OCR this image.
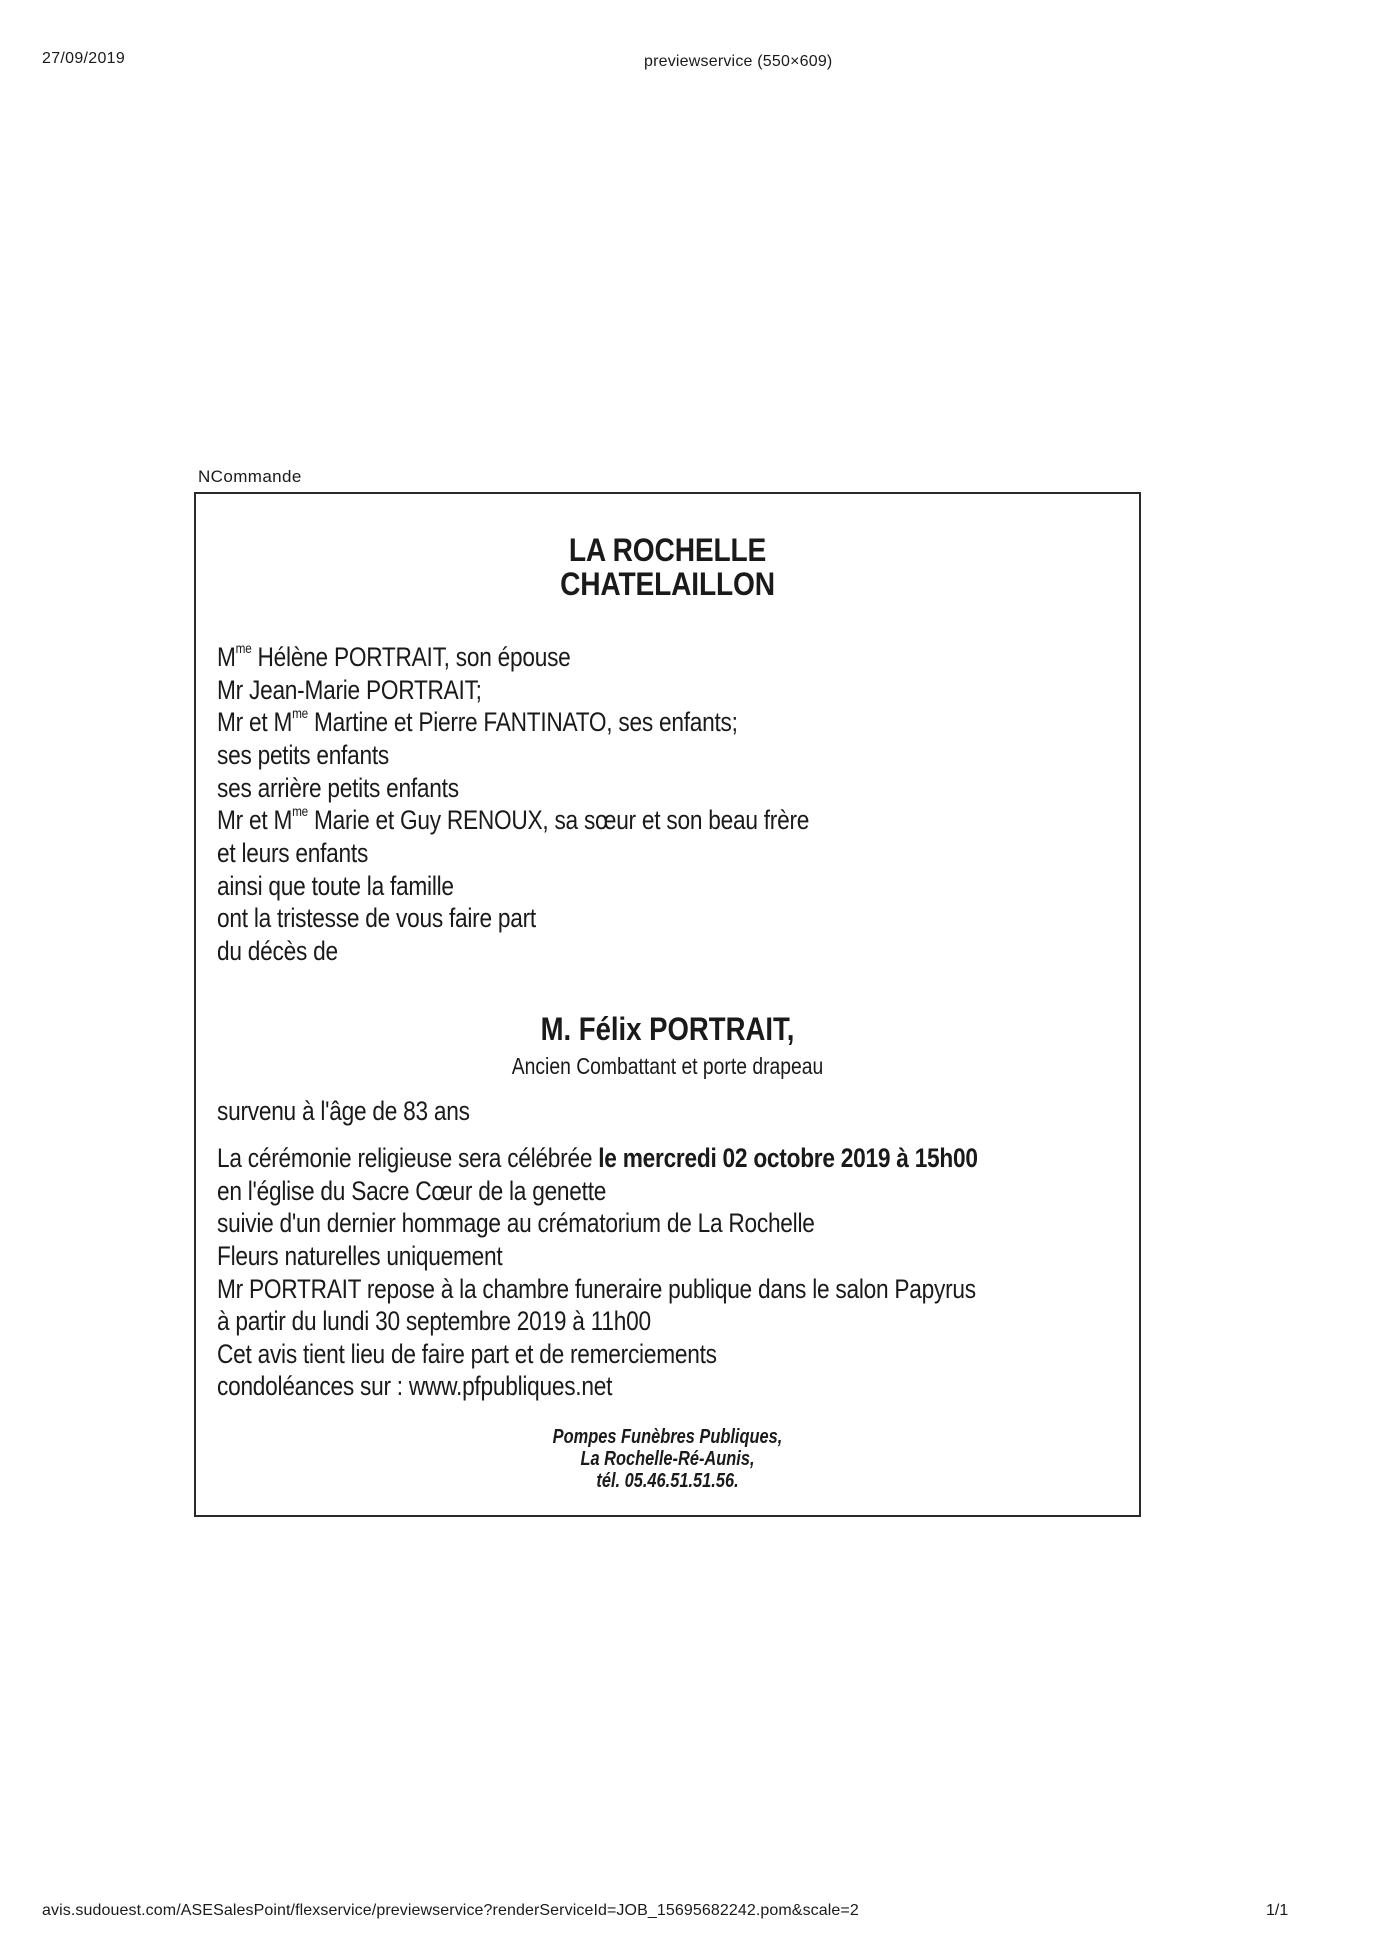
27/09/2019	previewservice (550×609)
NCommande
LA ROCHELLE
CHATELAILLON
$M^{me}$ Hélène PORTRAIT, son épouse
Mr Jean-Marie PORTRAIT;
Mr et $M^{me}$ Martine et Pierre FANTINATO, ses enfants;
ses petits enfants
ses arrière petits enfants
Mr et $M^{me}$ Marie et Guy RENOUX, sa sœur et son beau frère
et leurs enfants
ainsi que toute la famille
ont la tristesse de vous faire part
du décès de
M. Félix PORTRAIT,
Ancien Combattant et porte drapeau
survenu à l'âge de 83 ans
La cérémonie religieuse sera célébrée le mercredi 02 octobre 2019 à 15h00
en l'église du Sacre Cœur de la genette
suivie d'un dernier hommage au crématorium de La Rochelle
Fleurs naturelles uniquement
Mr PORTRAIT repose à la chambre funeraire publique dans le salon Papyrus
à partir du lundi 30 septembre 2019 à 11h00
Cet avis tient lieu de faire part et de remerciements
condoléances sur : www.pfpubliques.net
Pompes Funèbres Publiques,
La Rochelle-Ré-Aunis,
tél. 05.46.51.51.56.
avis.sudouest.com/ASESalesPoint/flexservice/previewservice?renderServiceId=JOB_15695682242.pom&scale=2	1/1
